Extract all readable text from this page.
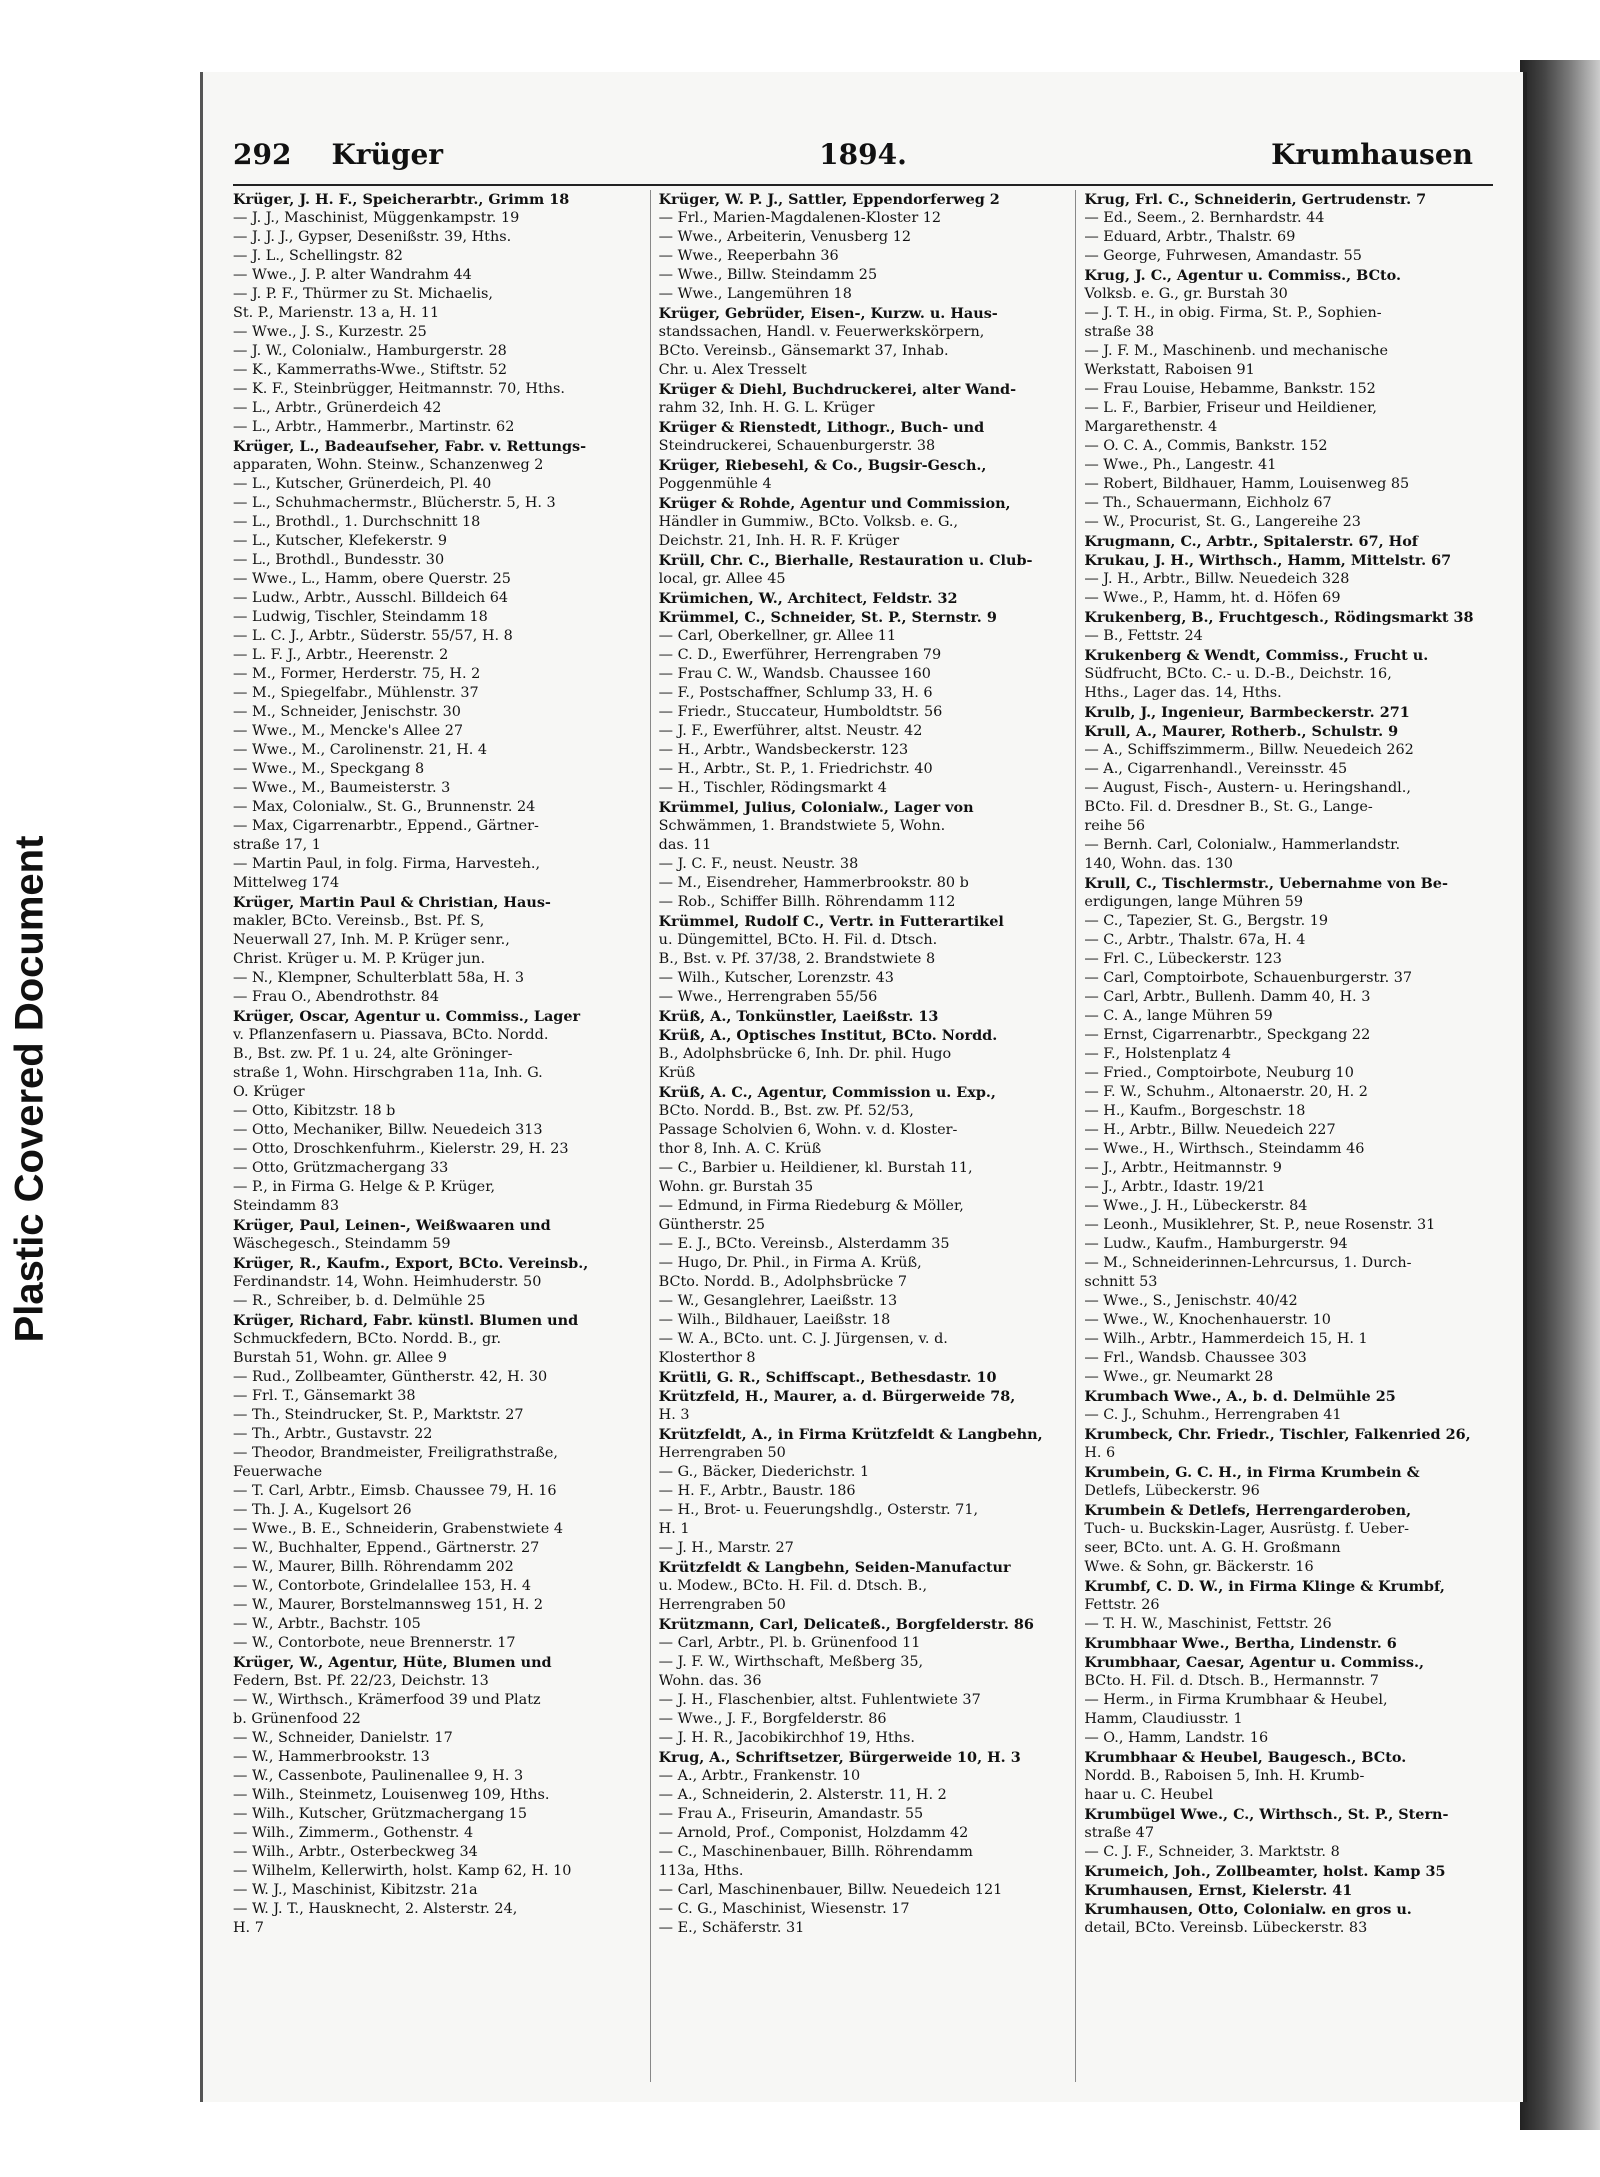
Plastic Covered Document
292 Krüger	1894.	Krumhausen
Krüger, J. H. F., Speicherarbtr., Grimm 18
— J. J., Maschinist, Müggenkampstr. 19
— J. J. J., Gypser, Desenißstr. 39, Hths.
— J. L., Schellingstr. 82
— Wwe., J. P. alter Wandrahm 44
— J. P. F., Thürmer zu St. Michaelis,
St. P., Marienstr. 13 a, H. 11
— Wwe., J. S., Kurzestr. 25
— J. W., Colonialw., Hamburgerstr. 28
— K., Kammerraths-Wwe., Stiftstr. 52
— K. F., Steinbrügger, Heitmannstr. 70, Hths.
— L., Arbtr., Grünerdeich 42
— L., Arbtr., Hammerbr., Martinstr. 62
Krüger, L., Badeaufseher, Fabr. v. Rettungs-
apparaten, Wohn. Steinw., Schanzenweg 2
— L., Kutscher, Grünerdeich, Pl. 40
— L., Schuhmachermstr., Blücherstr. 5, H. 3
— L., Brothdl., 1. Durchschnitt 18
— L., Kutscher, Klefekerstr. 9
— L., Brothdl., Bundesstr. 30
— Wwe., L., Hamm, obere Querstr. 25
— Ludw., Arbtr., Ausschl. Billdeich 64
— Ludwig, Tischler, Steindamm 18
— L. C. J., Arbtr., Süderstr. 55/57, H. 8
— L. F. J., Arbtr., Heerenstr. 2
— M., Former, Herderstr. 75, H. 2
— M., Spiegelfabr., Mühlenstr. 37
— M., Schneider, Jenischstr. 30
— Wwe., M., Mencke's Allee 27
— Wwe., M., Carolinenstr. 21, H. 4
— Wwe., M., Speckgang 8
— Wwe., M., Baumeisterstr. 3
— Max, Colonialw., St. G., Brunnenstr. 24
— Max, Cigarrenarbtr., Eppend., Gärtner-
straße 17, 1
— Martin Paul, in folg. Firma, Harvesteh.,
Mittelweg 174
Krüger, Martin Paul & Christian, Haus-
makler, BCto. Vereinsb., Bst. Pf. S,
Neuerwall 27, Inh. M. P. Krüger senr.,
Christ. Krüger u. M. P. Krüger jun.
— N., Klempner, Schulterblatt 58a, H. 3
— Frau O., Abendrothstr. 84
Krüger, Oscar, Agentur u. Commiss., Lager
v. Pflanzenfasern u. Piassava, BCto. Nordd.
B., Bst. zw. Pf. 1 u. 24, alte Gröninger-
straße 1, Wohn. Hirschgraben 11a, Inh. G.
O. Krüger
— Otto, Kibitzstr. 18 b
— Otto, Mechaniker, Billw. Neuedeich 313
— Otto, Droschkenfuhrm., Kielerstr. 29, H. 23
— Otto, Grützmachergang 33
— P., in Firma G. Helge & P. Krüger,
Steindamm 83
Krüger, Paul, Leinen-, Weißwaaren und
Wäschegesch., Steindamm 59
Krüger, R., Kaufm., Export, BCto. Vereinsb.,
Ferdinandstr. 14, Wohn. Heimhuderstr. 50
— R., Schreiber, b. d. Delmühle 25
Krüger, Richard, Fabr. künstl. Blumen und
Schmuckfedern, BCto. Nordd. B., gr.
Burstah 51, Wohn. gr. Allee 9
— Rud., Zollbeamter, Güntherstr. 42, H. 30
— Frl. T., Gänsemarkt 38
— Th., Steindrucker, St. P., Marktstr. 27
— Th., Arbtr., Gustavstr. 22
— Theodor, Brandmeister, Freiligrathstraße,
Feuerwache
— T. Carl, Arbtr., Eimsb. Chaussee 79, H. 16
— Th. J. A., Kugelsort 26
— Wwe., B. E., Schneiderin, Grabenstwiete 4
— W., Buchhalter, Eppend., Gärtnerstr. 27
— W., Maurer, Billh. Röhrendamm 202
— W., Contorbote, Grindelallee 153, H. 4
— W., Maurer, Borstelmannsweg 151, H. 2
— W., Arbtr., Bachstr. 105
— W., Contorbote, neue Brennerstr. 17
Krüger, W., Agentur, Hüte, Blumen und
Federn, Bst. Pf. 22/23, Deichstr. 13
— W., Wirthsch., Krämerfood 39 und Platz
b. Grünenfood 22
— W., Schneider, Danielstr. 17
— W., Hammerbrookstr. 13
— W., Cassenbote, Paulinenallee 9, H. 3
— Wilh., Steinmetz, Louisenweg 109, Hths.
— Wilh., Kutscher, Grützmachergang 15
— Wilh., Zimmerm., Gothenstr. 4
— Wilh., Arbtr., Osterbeckweg 34
— Wilhelm, Kellerwirth, holst. Kamp 62, H. 10
— W. J., Maschinist, Kibitzstr. 21a
— W. J. T., Hausknecht, 2. Alsterstr. 24,
H. 7
Krüger, W. P. J., Sattler, Eppendorferweg 2
— Frl., Marien-Magdalenen-Kloster 12
— Wwe., Arbeiterin, Venusberg 12
— Wwe., Reeperbahn 36
— Wwe., Billw. Steindamm 25
— Wwe., Langemühren 18
Krüger, Gebrüder, Eisen-, Kurzw. u. Haus-
standssachen, Handl. v. Feuerwerkskörpern,
BCto. Vereinsb., Gänsemarkt 37, Inhab.
Chr. u. Alex Tresselt
Krüger & Diehl, Buchdruckerei, alter Wand-
rahm 32, Inh. H. G. L. Krüger
Krüger & Rienstedt, Lithogr., Buch- und
Steindruckerei, Schauenburgerstr. 38
Krüger, Riebesehl, & Co., Bugsir-Gesch.,
Poggenmühle 4
Krüger & Rohde, Agentur und Commission,
Händler in Gummiw., BCto. Volksb. e. G.,
Deichstr. 21, Inh. H. R. F. Krüger
Krüll, Chr. C., Bierhalle, Restauration u. Club-
local, gr. Allee 45
Krümichen, W., Architect, Feldstr. 32
Krümmel, C., Schneider, St. P., Sternstr. 9
— Carl, Oberkellner, gr. Allee 11
— C. D., Ewerführer, Herrengraben 79
— Frau C. W., Wandsb. Chaussee 160
— F., Postschaffner, Schlump 33, H. 6
— Friedr., Stuccateur, Humboldtstr. 56
— J. F., Ewerführer, altst. Neustr. 42
— H., Arbtr., Wandsbeckerstr. 123
— H., Arbtr., St. P., 1. Friedrichstr. 40
— H., Tischler, Rödingsmarkt 4
Krümmel, Julius, Colonialw., Lager von
Schwämmen, 1. Brandstwiete 5, Wohn.
das. 11
— J. C. F., neust. Neustr. 38
— M., Eisendreher, Hammerbrookstr. 80 b
— Rob., Schiffer Billh. Röhrendamm 112
Krümmel, Rudolf C., Vertr. in Futterartikel
u. Düngemittel, BCto. H. Fil. d. Dtsch.
B., Bst. v. Pf. 37/38, 2. Brandstwiete 8
— Wilh., Kutscher, Lorenzstr. 43
— Wwe., Herrengraben 55/56
Krüß, A., Tonkünstler, Laeißstr. 13
Krüß, A., Optisches Institut, BCto. Nordd.
B., Adolphsbrücke 6, Inh. Dr. phil. Hugo
Krüß
Krüß, A. C., Agentur, Commission u. Exp.,
BCto. Nordd. B., Bst. zw. Pf. 52/53,
Passage Scholvien 6, Wohn. v. d. Kloster-
thor 8, Inh. A. C. Krüß
— C., Barbier u. Heildiener, kl. Burstah 11,
Wohn. gr. Burstah 35
— Edmund, in Firma Riedeburg & Möller,
Güntherstr. 25
— E. J., BCto. Vereinsb., Alsterdamm 35
— Hugo, Dr. Phil., in Firma A. Krüß,
BCto. Nordd. B., Adolphsbrücke 7
— W., Gesanglehrer, Laeißstr. 13
— Wilh., Bildhauer, Laeißstr. 18
— W. A., BCto. unt. C. J. Jürgensen, v. d.
Klosterthor 8
Krütli, G. R., Schiffscapt., Bethesdastr. 10
Krützfeld, H., Maurer, a. d. Bürgerweide 78,
H. 3
Krützfeldt, A., in Firma Krützfeldt & Langbehn,
Herrengraben 50
— G., Bäcker, Diederichstr. 1
— H. F., Arbtr., Baustr. 186
— H., Brot- u. Feuerungshdlg., Osterstr. 71,
H. 1
— J. H., Marstr. 27
Krützfeldt & Langbehn, Seiden-Manufactur
u. Modew., BCto. H. Fil. d. Dtsch. B.,
Herrengraben 50
Krützmann, Carl, Delicateß., Borgfelderstr. 86
— Carl, Arbtr., Pl. b. Grünenfood 11
— J. F. W., Wirthschaft, Meßberg 35,
Wohn. das. 36
— J. H., Flaschenbier, altst. Fuhlentwiete 37
— Wwe., J. F., Borgfelderstr. 86
— J. H. R., Jacobikirchhof 19, Hths.
Krug, A., Schriftsetzer, Bürgerweide 10, H. 3
— A., Arbtr., Frankenstr. 10
— A., Schneiderin, 2. Alsterstr. 11, H. 2
— Frau A., Friseurin, Amandastr. 55
— Arnold, Prof., Componist, Holzdamm 42
— C., Maschinenbauer, Billh. Röhrendamm
113a, Hths.
— Carl, Maschinenbauer, Billw. Neuedeich 121
— C. G., Maschinist, Wiesenstr. 17
— E., Schäferstr. 31
Krug, Frl. C., Schneiderin, Gertrudenstr. 7
— Ed., Seem., 2. Bernhardstr. 44
— Eduard, Arbtr., Thalstr. 69
— George, Fuhrwesen, Amandastr. 55
Krug, J. C., Agentur u. Commiss., BCto.
Volksb. e. G., gr. Burstah 30
— J. T. H., in obig. Firma, St. P., Sophien-
straße 38
— J. F. M., Maschinenb. und mechanische
Werkstatt, Raboisen 91
— Frau Louise, Hebamme, Bankstr. 152
— L. F., Barbier, Friseur und Heildiener,
Margarethenstr. 4
— O. C. A., Commis, Bankstr. 152
— Wwe., Ph., Langestr. 41
— Robert, Bildhauer, Hamm, Louisenweg 85
— Th., Schauermann, Eichholz 67
— W., Procurist, St. G., Langereihe 23
Krugmann, C., Arbtr., Spitalerstr. 67, Hof
Krukau, J. H., Wirthsch., Hamm, Mittelstr. 67
— J. H., Arbtr., Billw. Neuedeich 328
— Wwe., P., Hamm, ht. d. Höfen 69
Krukenberg, B., Fruchtgesch., Rödingsmarkt 38
— B., Fettstr. 24
Krukenberg & Wendt, Commiss., Frucht u.
Südfrucht, BCto. C.- u. D.-B., Deichstr. 16,
Hths., Lager das. 14, Hths.
Krulb, J., Ingenieur, Barmbeckerstr. 271
Krull, A., Maurer, Rotherb., Schulstr. 9
— A., Schiffszimmerm., Billw. Neuedeich 262
— A., Cigarrenhandl., Vereinsstr. 45
— August, Fisch-, Austern- u. Heringshandl.,
BCto. Fil. d. Dresdner B., St. G., Lange-
reihe 56
— Bernh. Carl, Colonialw., Hammerlandstr.
140, Wohn. das. 130
Krull, C., Tischlermstr., Uebernahme von Be-
erdigungen, lange Mühren 59
— C., Tapezier, St. G., Bergstr. 19
— C., Arbtr., Thalstr. 67a, H. 4
— Frl. C., Lübeckerstr. 123
— Carl, Comptoirbote, Schauenburgerstr. 37
— Carl, Arbtr., Bullenh. Damm 40, H. 3
— C. A., lange Mühren 59
— Ernst, Cigarrenarbtr., Speckgang 22
— F., Holstenplatz 4
— Fried., Comptoirbote, Neuburg 10
— F. W., Schuhm., Altonaerstr. 20, H. 2
— H., Kaufm., Borgeschstr. 18
— H., Arbtr., Billw. Neuedeich 227
— Wwe., H., Wirthsch., Steindamm 46
— J., Arbtr., Heitmannstr. 9
— J., Arbtr., Idastr. 19/21
— Wwe., J. H., Lübeckerstr. 84
— Leonh., Musiklehrer, St. P., neue Rosenstr. 31
— Ludw., Kaufm., Hamburgerstr. 94
— M., Schneiderinnen-Lehrcursus, 1. Durch-
schnitt 53
— Wwe., S., Jenischstr. 40/42
— Wwe., W., Knochenhauerstr. 10
— Wilh., Arbtr., Hammerdeich 15, H. 1
— Frl., Wandsb. Chaussee 303
— Wwe., gr. Neumarkt 28
Krumbach Wwe., A., b. d. Delmühle 25
— C. J., Schuhm., Herrengraben 41
Krumbeck, Chr. Friedr., Tischler, Falkenried 26,
H. 6
Krumbein, G. C. H., in Firma Krumbein &
Detlefs, Lübeckerstr. 96
Krumbein & Detlefs, Herrengarderoben,
Tuch- u. Buckskin-Lager, Ausrüstg. f. Ueber-
seer, BCto. unt. A. G. H. Großmann
Wwe. & Sohn, gr. Bäckerstr. 16
Krumbf, C. D. W., in Firma Klinge & Krumbf,
Fettstr. 26
— T. H. W., Maschinist, Fettstr. 26
Krumbhaar Wwe., Bertha, Lindenstr. 6
Krumbhaar, Caesar, Agentur u. Commiss.,
BCto. H. Fil. d. Dtsch. B., Hermannstr. 7
— Herm., in Firma Krumbhaar & Heubel,
Hamm, Claudiusstr. 1
— O., Hamm, Landstr. 16
Krumbhaar & Heubel, Baugesch., BCto.
Nordd. B., Raboisen 5, Inh. H. Krumb-
haar u. C. Heubel
Krumbügel Wwe., C., Wirthsch., St. P., Stern-
straße 47
— C. J. F., Schneider, 3. Marktstr. 8
Krumeich, Joh., Zollbeamter, holst. Kamp 35
Krumhausen, Ernst, Kielerstr. 41
Krumhausen, Otto, Colonialw. en gros u.
detail, BCto. Vereinsb. Lübeckerstr. 83
